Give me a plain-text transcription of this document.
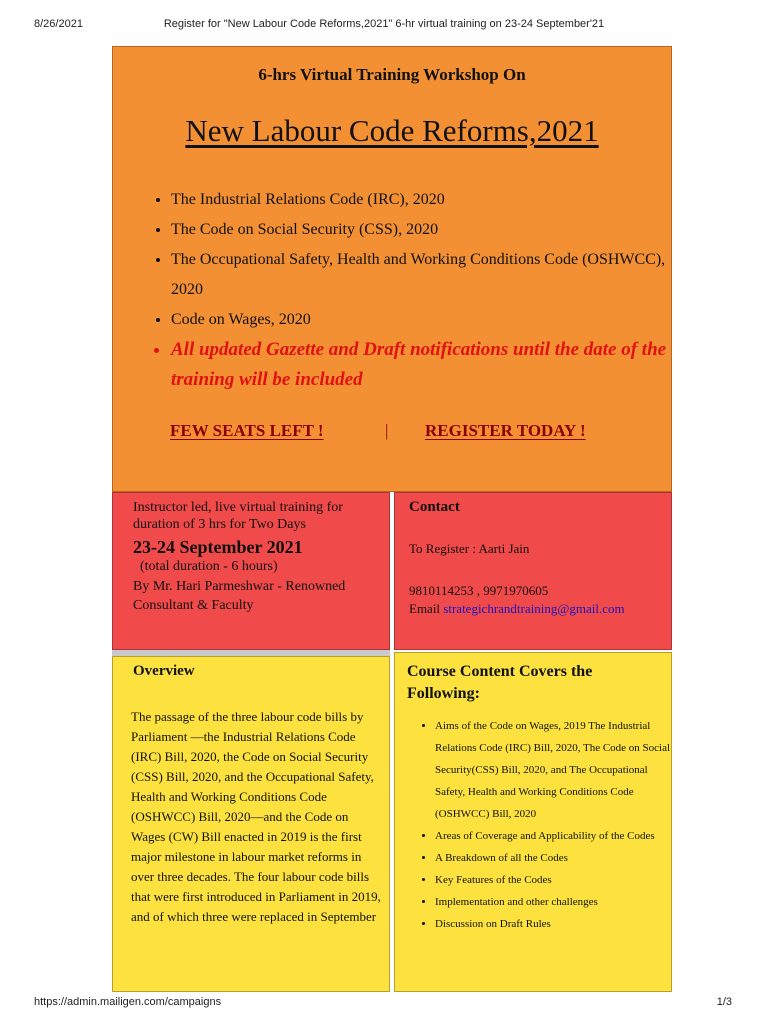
8/26/2021	Register for "New Labour Code Reforms,2021" 6-hr virtual training on 23-24 September'21
6-hrs Virtual Training Workshop On
New Labour Code Reforms,2021
• The Industrial Relations Code (IRC), 2020
• The Code on Social Security (CSS), 2020
• The Occupational Safety, Health and Working Conditions Code (OSHWCC), 2020
• Code on Wages, 2020
• All updated Gazette and Draft notifications until the date of the training will be included
FEW SEATS LEFT !	| REGISTER TODAY !
Instructor led, live virtual training for duration of 3 hrs for Two Days
23-24 September 2021
(total duration - 6 hours)
By Mr. Hari Parmeshwar - Renowned Consultant & Faculty
Contact
To Register : Aarti Jain
9810114253 , 9971970605
Email strategichrandtraining@gmail.com
Overview
The passage of the three labour code bills by Parliament —the Industrial Relations Code (IRC) Bill, 2020, the Code on Social Security (CSS) Bill, 2020, and the Occupational Safety, Health and Working Conditions Code (OSHWCC) Bill, 2020—and the Code on Wages (CW) Bill enacted in 2019 is the first major milestone in labour market reforms in over three decades. The four labour code bills that were first introduced in Parliament in 2019, and of which three were replaced in September
Course Content Covers the Following:
• Aims of the Code on Wages, 2019 The Industrial Relations Code (IRC) Bill, 2020, The Code on Social Security(CSS) Bill, 2020, and The Occupational Safety, Health and Working Conditions Code (OSHWCC) Bill, 2020
• Areas of Coverage and Applicability of the Codes
• A Breakdown of all the Codes
• Key Features of the Codes
• Implementation and other challenges
• Discussion on Draft Rules
https://admin.mailigen.com/campaigns	1/3
